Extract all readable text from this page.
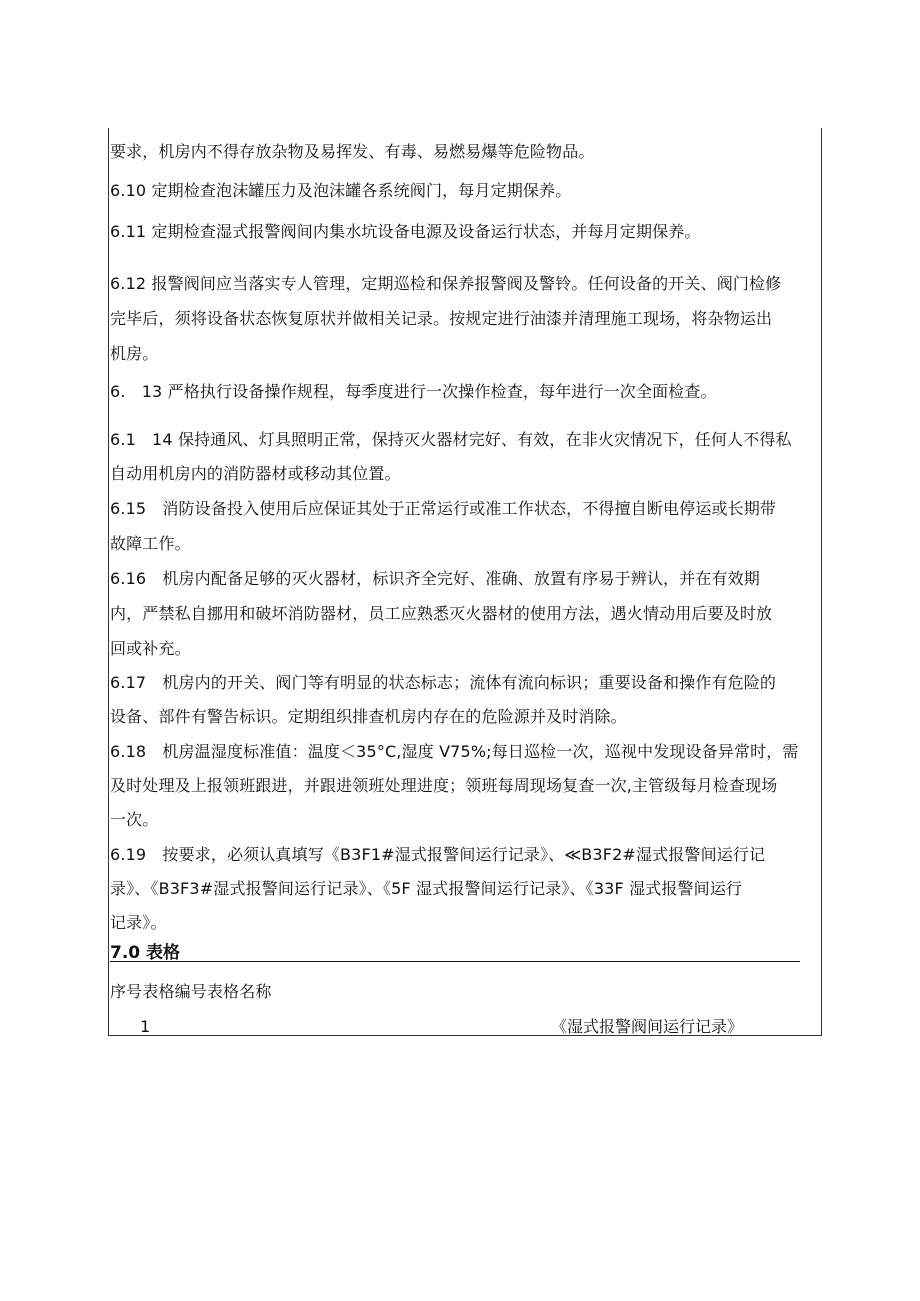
要求，机房内不得存放杂物及易挥发、有毒、易燃易爆等危险物品。
6.10 定期检查泡沫罐压力及泡沫罐各系统阀门，每月定期保养。
6.11 定期检查湿式报警阀间内集水坑设备电源及设备运行状态，并每月定期保养。
6.12 报警阀间应当落实专人管理，定期巡检和保养报警阀及警铃。任何设备的开关、阀门检修
完毕后，须将设备状态恢复原状并做相关记录。按规定进行油漆并清理施工现场，将杂物运出
机房。
6.　13 严格执行设备操作规程，每季度进行一次操作检查，每年进行一次全面检查。
6.1　14 保持通风、灯具照明正常，保持灭火器材完好、有效，在非火灾情况下，任何人不得私
自动用机房内的消防器材或移动其位置。
6.15　消防设备投入使用后应保证其处于正常运行或准工作状态，不得擅自断电停运或长期带
故障工作。
6.16　机房内配备足够的灭火器材，标识齐全完好、准确、放置有序易于辨认，并在有效期
内，严禁私自挪用和破坏消防器材，员工应熟悉灭火器材的使用方法，遇火情动用后要及时放
回或补充。
6.17　机房内的开关、阀门等有明显的状态标志；流体有流向标识；重要设备和操作有危险的
设备、部件有警告标识。定期组织排查机房内存在的危险源并及时消除。
6.18　机房温湿度标准值：温度＜35°C,湿度 V75%;每日巡检一次，巡视中发现设备异常时，需
及时处理及上报领班跟进，并跟进领班处理进度；领班每周现场复查一次,主管级每月检查现场
一次。
6.19　按要求，必须认真填写《B3F1#湿式报警间运行记录》、≪B3F2#湿式报警间运行记
录》、《B3F3#湿式报警间运行记录》、《5F 湿式报警间运行记录》、《33F 湿式报警间运行
记录》。
7.0 表格
序号表格编号表格名称
1	《湿式报警阀间运行记录》
